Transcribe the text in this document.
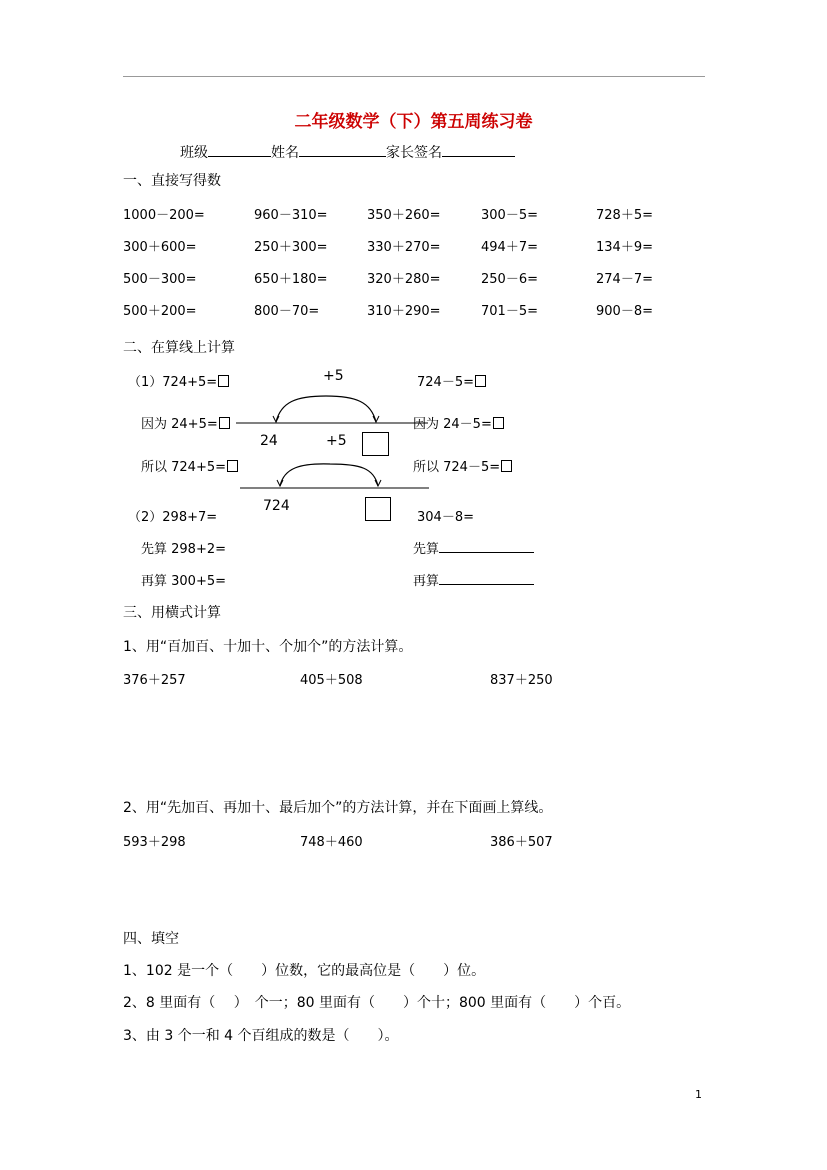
二年级数学（下）第五周练习卷
班级	姓名	家长签名
一、直接写得数
1000－200=	960－310=	350＋260=	300－5=	728＋5=
300＋600=	250＋300=	330＋270=	494＋7=	134＋9=
500－300=	650＋180=	320＋280=	250－6=	274－7=
500＋200=	800－70=	310＋290=	701－5=	900－8=
二、在算线上计算
（1）724+5=	724－5=
因为 24+5=	因为 24－5=
所以 724+5=	所以 724－5=
+5
24	+5
724
（2）298+7=	304－8=
先算 298+2=	先算
再算 300+5=	再算
三、用横式计算
1、用“百加百、十加十、个加个”的方法计算。
376＋257	405＋508	837＋250
2、用“先加百、再加十、最后加个”的方法计算，并在下面画上算线。
593＋298	748＋460	386＋507
四、填空
1、102 是一个（　　）位数，它的最高位是（　　）位。
2、8 里面有（　 ）　个一；80 里面有（　　）个十；800 里面有（　　）个百。
3、由 3 个一和 4 个百组成的数是（　　）。
1
